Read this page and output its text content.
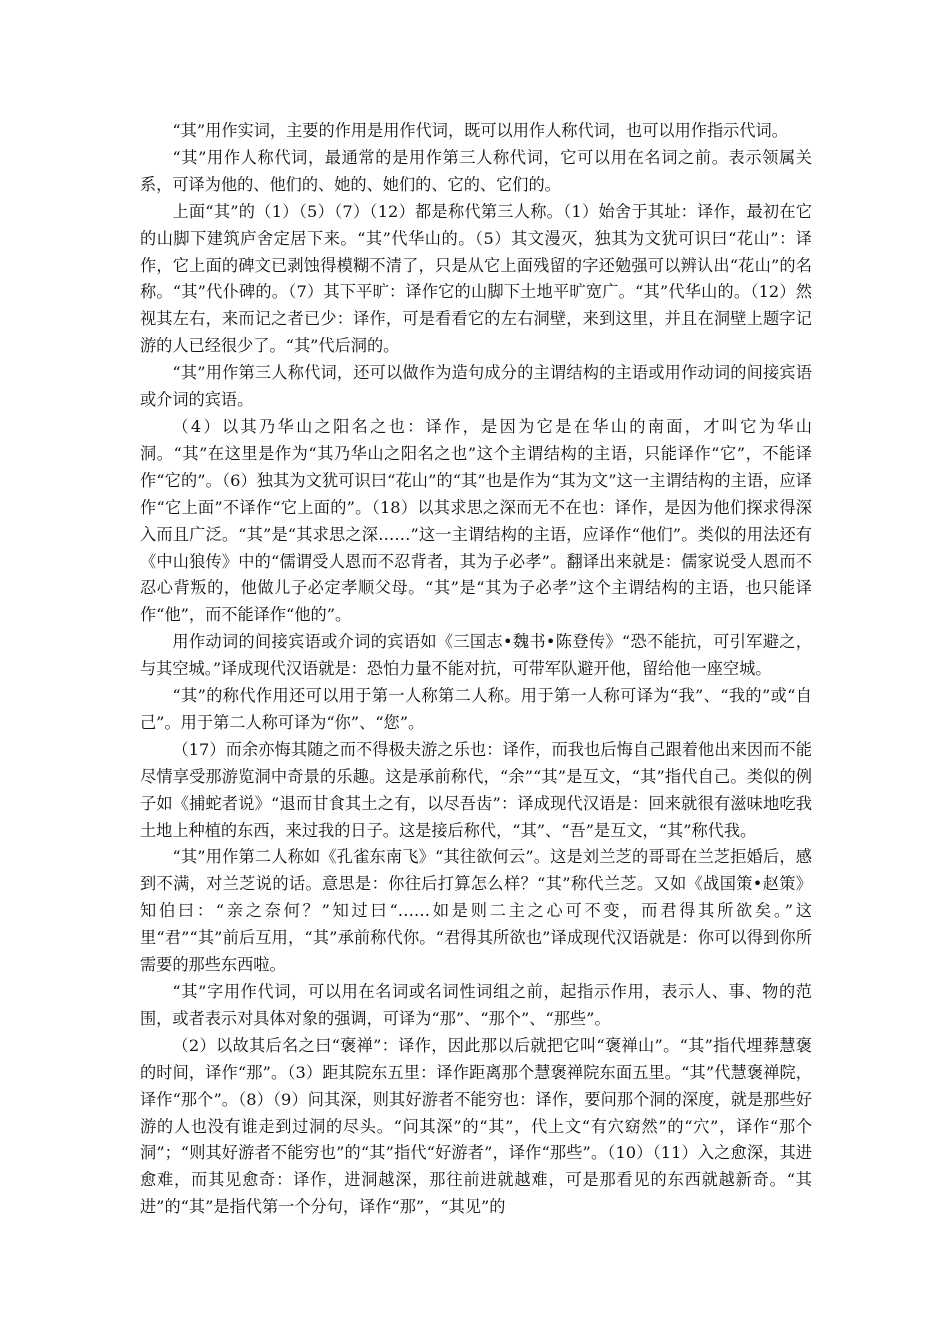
“其”用作实词，主要的作用是用作代词，既可以用作人称代词，也可以用作指示代词。

“其”用作人称代词，最通常的是用作第三人称代词，它可以用在名词之前。表示领属关系，可译为他的、他们的、她的、她们的、它的、它们的。

上面“其”的（1）（5）（7）（12）都是称代第三人称。（1）始舍于其址：译作，最初在它的山脚下建筑庐舍定居下来。“其”代华山的。（5）其文漫灭，独其为文犹可识曰“花山”：译作，它上面的碑文已剥蚀得模糊不清了，只是从它上面残留的字还勉强可以辨认出“花山”的名称。“其”代仆碑的。（7）其下平旷：译作它的山脚下土地平旷宽广。“其”代华山的。（12）然视其左右，来而记之者已少：译作，可是看看它的左右洞壁，来到这里，并且在洞壁上题字记游的人已经很少了。“其”代后洞的。

“其”用作第三人称代词，还可以做作为造句成分的主谓结构的主语或用作动词的间接宾语或介词的宾语。

（4）以其乃华山之阳名之也：译作，是因为它是在华山的南面，才叫它为华山洞。“其”在这里是作为“其乃华山之阳名之也”这个主谓结构的主语，只能译作“它”，不能译作“它的”。（6）独其为文犹可识曰“花山”的“其”也是作为“其为文”这一主谓结构的主语，应译作“它上面”不译作“它上面的”。（18）以其求思之深而无不在也：译作，是因为他们探求得深入而且广泛。“其”是“其求思之深……”这一主谓结构的主语，应译作“他们”。类似的用法还有《中山狼传》中的“儒谓受人恩而不忍背者，其为子必孝”。翻译出来就是：儒家说受人恩而不忍心背叛的，他做儿子必定孝顺父母。“其”是“其为子必孝”这个主谓结构的主语，也只能译作“他”，而不能译作“他的”。

用作动词的间接宾语或介词的宾语如《三国志•魏书•陈登传》“恐不能抗，可引军避之，与其空城。”译成现代汉语就是：恐怕力量不能对抗，可带军队避开他，留给他一座空城。

“其”的称代作用还可以用于第一人称第二人称。用于第一人称可译为“我”、“我的”或“自己”。用于第二人称可译为“你”、“您”。

（17）而余亦悔其随之而不得极夫游之乐也：译作，而我也后悔自己跟着他出来因而不能尽情享受那游览洞中奇景的乐趣。这是承前称代，“余”“其”是互文，“其”指代自己。类似的例子如《捕蛇者说》“退而甘食其土之有，以尽吾齿”：译成现代汉语是：回来就很有滋味地吃我土地上种植的东西，来过我的日子。这是接后称代，“其”、“吾”是互文，“其”称代我。

“其”用作第二人称如《孔雀东南飞》“其往欲何云”。这是刘兰芝的哥哥在兰芝拒婚后，感到不满，对兰芝说的话。意思是：你往后打算怎么样？“其”称代兰芝。又如《战国策•赵策》知伯曰：“亲之奈何？”知过曰“……如是则二主之心可不变，而君得其所欲矣。”这里“君”“其”前后互用，“其”承前称代你。“君得其所欲也”译成现代汉语就是：你可以得到你所需要的那些东西啦。

“其”字用作代词，可以用在名词或名词性词组之前，起指示作用，表示人、事、物的范围，或者表示对具体对象的强调，可译为“那”、“那个”、“那些”。

（2）以故其后名之曰“褒禅”：译作，因此那以后就把它叫“褒禅山”。“其”指代埋葬慧褒的时间，译作“那”。（3）距其院东五里：译作距离那个慧褒禅院东面五里。“其”代慧褒禅院，译作“那个”。（8）（9）问其深，则其好游者不能穷也：译作，要问那个洞的深度，就是那些好游的人也没有谁走到过洞的尽头。“问其深”的“其”，代上文“有穴窈然”的“穴”，译作“那个洞”；“则其好游者不能穷也”的“其”指代“好游者”，译作“那些”。（10）（11）入之愈深，其进愈难，而其见愈奇：译作，进洞越深，那往前进就越难，可是那看见的东西就越新奇。“其进”的“其”是指代第一个分句，译作“那”，“其见”的
